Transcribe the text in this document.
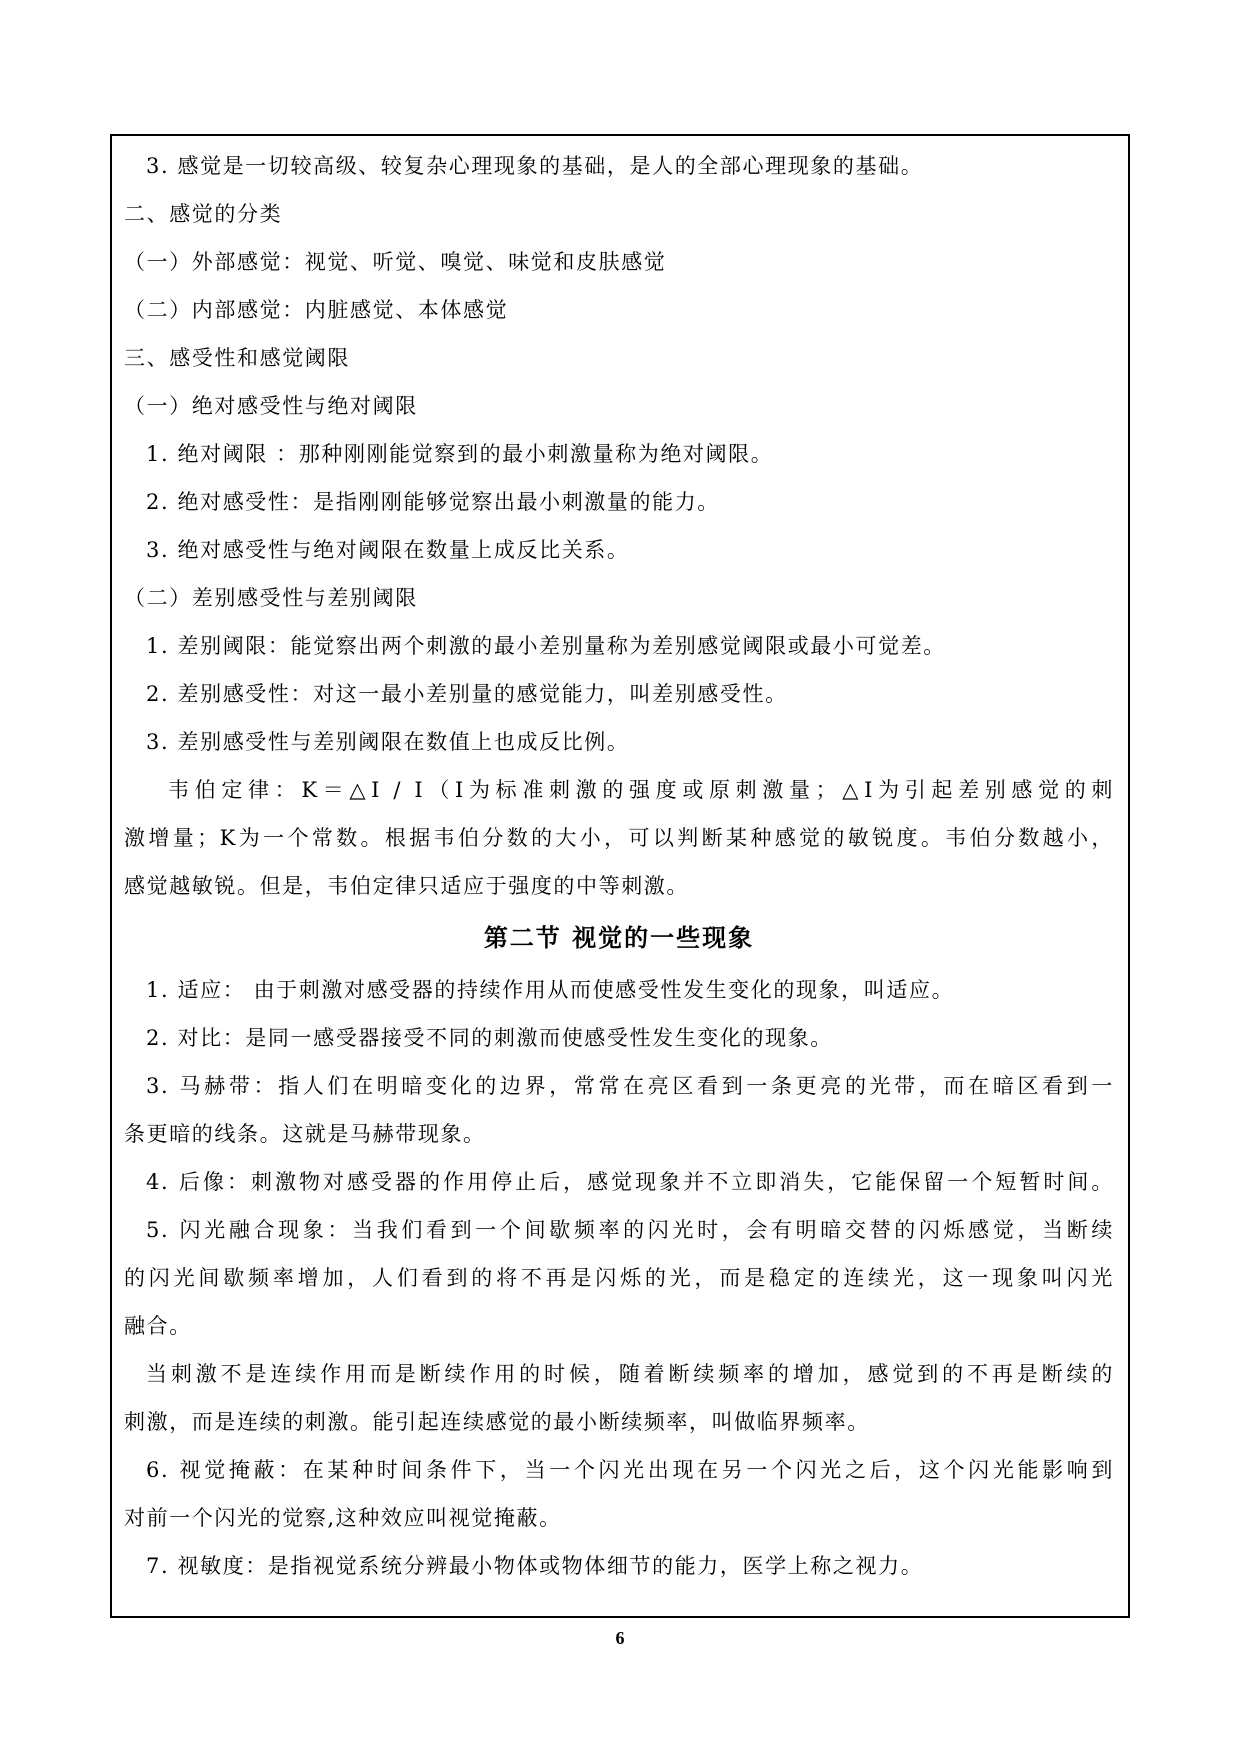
3. 感觉是一切较高级、较复杂心理现象的基础，是人的全部心理现象的基础。
二、感觉的分类
（一）外部感觉：视觉、听觉、嗅觉、味觉和皮肤感觉
（二）内部感觉：内脏感觉、本体感觉
三、感受性和感觉阈限
（一）绝对感受性与绝对阈限
1. 绝对阈限 ：那种刚刚能觉察到的最小刺激量称为绝对阈限。
2. 绝对感受性：是指刚刚能够觉察出最小刺激量的能力。
3. 绝对感受性与绝对阈限在数量上成反比关系。
（二）差别感受性与差别阈限
1. 差别阈限：能觉察出两个刺激的最小差别量称为差别感觉阈限或最小可觉差。
2. 差别感受性：对这一最小差别量的感觉能力，叫差别感受性。
3. 差别感受性与差别阈限在数值上也成反比例。
韦伯定律：K＝△I / I（I为标准刺激的强度或原刺激量；△I为引起差别感觉的刺
激增量；K为一个常数。根据韦伯分数的大小，可以判断某种感觉的敏锐度。韦伯分数越小，
感觉越敏锐。但是，韦伯定律只适应于强度的中等刺激。
第二节 视觉的一些现象
1. 适应： 由于刺激对感受器的持续作用从而使感受性发生变化的现象，叫适应。
2. 对比：是同一感受器接受不同的刺激而使感受性发生变化的现象。
3. 马赫带：指人们在明暗变化的边界，常常在亮区看到一条更亮的光带，而在暗区看到一
条更暗的线条。这就是马赫带现象。
4. 后像：刺激物对感受器的作用停止后，感觉现象并不立即消失，它能保留一个短暂时间。
5. 闪光融合现象：当我们看到一个间歇频率的闪光时，会有明暗交替的闪烁感觉，当断续
的闪光间歇频率增加，人们看到的将不再是闪烁的光，而是稳定的连续光，这一现象叫闪光
融合。
当刺激不是连续作用而是断续作用的时候，随着断续频率的增加，感觉到的不再是断续的
刺激，而是连续的刺激。能引起连续感觉的最小断续频率，叫做临界频率。
6. 视觉掩蔽：在某种时间条件下，当一个闪光出现在另一个闪光之后，这个闪光能影响到
对前一个闪光的觉察,这种效应叫视觉掩蔽。
7. 视敏度：是指视觉系统分辨最小物体或物体细节的能力，医学上称之视力。
6
